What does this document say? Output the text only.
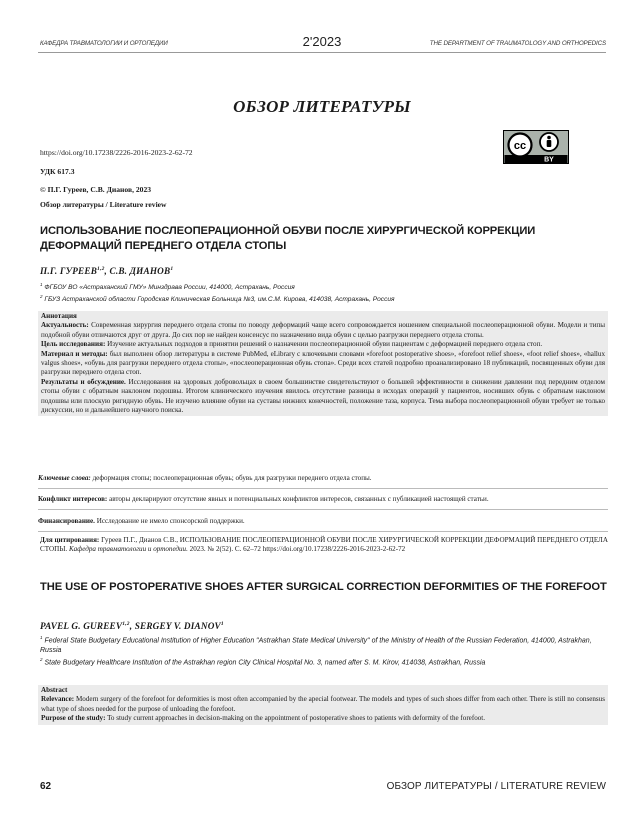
КАФЕДРА ТРАВМАТОЛОГИИ И ОРТОПЕДИИ	2'2023	THE DEPARTMENT OF TRAUMATOLOGY AND ORTHOPEDICS
ОБЗОР ЛИТЕРАТУРЫ
cc
BY
https://doi.org/10.17238/2226-2016-2023-2-62-72
УДК 617.3
© П.Г. Гуреев, С.В. Дианов, 2023
Обзор литературы / Literature review
ИСПОЛЬЗОВАНИЕ ПОСЛЕОПЕРАЦИОННОЙ ОБУВИ ПОСЛЕ ХИРУРГИЧЕСКОЙ КОРРЕКЦИИ ДЕФОРМАЦИЙ ПЕРЕДНЕГО ОТДЕЛА СТОПЫ
П.Г. ГУРЕЕВ$^{1,2}$, С.В. ДИАНОВ$^1$
$^1$ ФГБОУ ВО «Астраханский ГМУ» Минздрава России, 414000, Астрахань, Россия
$^2$ ГБУЗ Астраханской области Городская Клиническая Больница №3, им.С.М. Кирова, 414038, Астрахань, Россия

Аннотация

Актуальность: Современная хирургия переднего отдела стопы по поводу деформаций чаще всего сопровождается ношением специальной послеоперационной обуви. Модели и типы подобной обуви отличаются друг от друга. До сих пор не найден консенсус по назначению вида обуви с целью разгрузки переднего отдела стопы.

Цель исследования: Изучение актуальных подходов в принятии решений о назначении послеоперационной обуви пациентам с деформацией переднего отдела стоп.

Материал и методы: был выполнен обзор литературы в системе PubMed, eLibrary с ключевыми словами «forefoot postoperative shoes», «forefoot relief shoes», «foot relief shoes», «hallux valgus shoes», «обувь для разгрузки переднего отдела стопы», «послеоперационная обувь стопа». Среди всех статей подробно проанализировано 18 публикаций, посвященных обуви для разгрузки переднего отдела стоп.

Результаты и обсуждение. Исследования на здоровых добровольцах в своем большинстве свидетельствуют о большей эффективности в снижении давлении под передним отделом стопы обуви с обратным наклоном подошвы. Итогом клинического изучения явилось отсутствие разницы в исходах операций у пациентов, носивших обувь с обратным наклоном подошвы или плоскую ригидную обувь. Не изучено влияние обуви на суставы нижних конечностей, положение таза, корпуса. Тема выбора послеоперационной обуви требует не только дискуссии, но и дальнейшего научного поиска.

Ключевые слова: деформация стопы; послеоперационная обувь; обувь для разгрузки переднего отдела стопы.
Конфликт интересов: авторы декларируют отсутствие явных и потенциальных конфликтов интересов, связанных с публикацией настоящей статьи.
Финансирование. Исследование не имело спонсорской поддержки.
Для цитирования: Гуреев П.Г., Дианов С.В., ИСПОЛЬЗОВАНИЕ ПОСЛЕОПЕРАЦИОННОЙ ОБУВИ ПОСЛЕ ХИРУРГИЧЕСКОЙ КОРРЕКЦИИ ДЕФОРМАЦИЙ ПЕРЕДНЕГО ОТДЕЛА СТОПЫ. Кафедра травматологии и ортопедии. 2023. № 2(52). C. 62–72 https://doi.org/10.17238/2226-2016-2023-2-62-72
THE USE OF POSTOPERATIVE SHOES AFTER SURGICAL CORRECTION DEFORMITIES OF THE FOREFOOT
PAVEL G. GUREEV$^{1,2}$, SERGEY V. DIANOV$^1$
$^1$ Federal State Budgetary Educational Institution of Higher Education "Astrakhan State Medical University" of the Ministry of Health of the Russian Federation, 414000, Astrakhan, Russia
$^2$ State Budgetary Healthcare Institution of the Astrakhan region City Clinical Hospital No. 3, named after S. M. Kirov, 414038, Astrakhan, Russia

Abstract

Relevance: Modern surgery of the forefoot for deformities is most often accompanied by the apecial footwear. The models and types of such shoes differ from each other. There is still no consensus what type of shoes needed for the purpose of unloading the forefoot.

Purpose of the study: To study current approaches in decision-making on the appointment of postoperative shoes to patients with deformity of the forefoot.

62	ОБЗОР ЛИТЕРАТУРЫ / LITERATURE REVIEW
